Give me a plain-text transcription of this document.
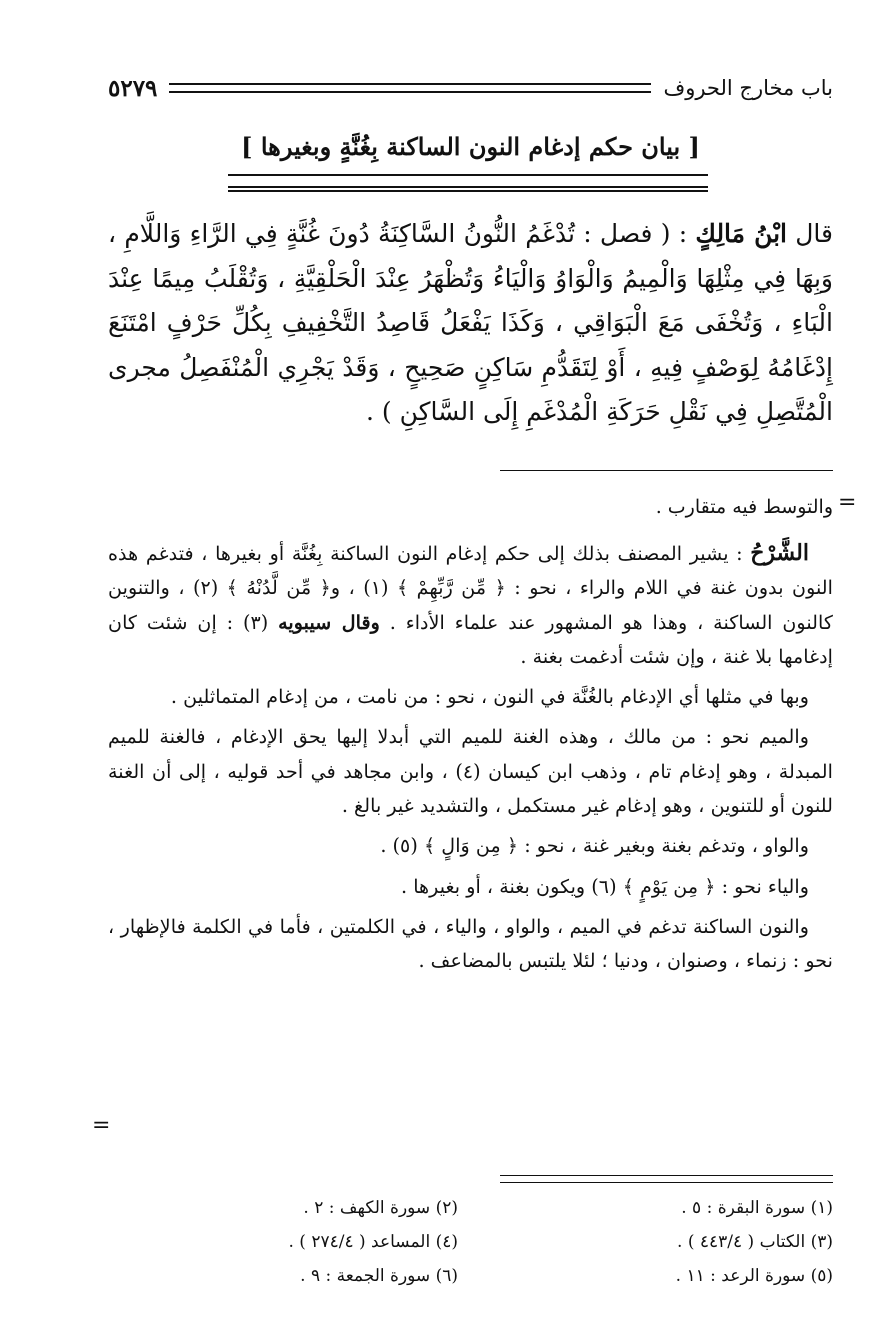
باب مخارج الحروف
٥٢٧٩
[ بيان حكم إدغام النون الساكنة بِغُنَّةٍ وبغيرها ]
قال ابْنُ مَالِكٍ : ( فصل : تُدْغَمُ النُّونُ السَّاكِنَةُ دُونَ غُنَّةٍ فِي الرَّاءِ وَاللَّامِ ، وَبِهَا فِي مِثْلِهَا وَالْمِيمُ وَالْوَاوُ وَالْيَاءُ وَتُظْهَرُ عِنْدَ الْحَلْقِيَّةِ ، وَتُقْلَبُ مِيمًا عِنْدَ الْبَاءِ ، وَتُخْفَى مَعَ الْبَوَاقِي ، وَكَذَا يَفْعَلُ قَاصِدُ التَّخْفِيفِ بِكُلِّ حَرْفٍ امْتَنَعَ إِدْغَامُهُ لِوَصْفٍ فِيهِ ، أَوْ لِتَقَدُّمِ سَاكِنٍ صَحِيحٍ ، وَقَدْ يَجْرِي الْمُنْفَصِلُ مجرى الْمُتَّصِلِ فِي نَقْلِ حَرَكَةِ الْمُدْغَمِ إِلَى السَّاكِنِ ) .
=
والتوسط فيه متقارب .

الشَّرْحُ : يشير المصنف بذلك إلى حكم إدغام النون الساكنة بِغُنَّة أو بغيرها ، فتدغم هذه النون بدون غنة في اللام والراء ، نحو : ﴿ مِّن رَّبِّهِمْ ﴾ (١) ، و﴿ مِّن لَّدُنْهُ ﴾ (٢) ، والتنوين كالنون الساكنة ، وهذا هو المشهور عند علماء الأداء . وقال سيبويه (٣) : إن شئت كان إدغامها بلا غنة ، وإن شئت أدغمت بغنة .

وبها في مثلها أي الإدغام بالغُنَّة في النون ، نحو : من نامت ، من إدغام المتماثلين .

والميم نحو : من مالك ، وهذه الغنة للميم التي أبدلا إليها يحق الإدغام ، فالغنة للميم المبدلة ، وهو إدغام تام ، وذهب ابن كيسان (٤) ، وابن مجاهد في أحد قوليه ، إلى أن الغنة للنون أو للتنوين ، وهو إدغام غير مستكمل ، والتشديد غير بالغ .

والواو ، وتدغم بغنة وبغير غنة ، نحو : ﴿ مِن وَالٍ ﴾ (٥) .

والياء نحو : ﴿ مِن يَوْمٍ ﴾ (٦) ويكون بغنة ، أو بغيرها .

والنون الساكنة تدغم في الميم ، والواو ، والياء ، في الكلمتين ، فأما في الكلمة فالإظهار ، نحو : زنماء ، وصنوان ، ودنيا ؛ لئلا يلتبس بالمضاعف .

=
(١) سورة البقرة : ٥ .
(٢) سورة الكهف : ٢ .
(٣) الكتاب ( ٤٤٣/٤ ) .
(٤) المساعد ( ٢٧٤/٤ ) .
(٥) سورة الرعد : ١١ .
(٦) سورة الجمعة : ٩ .
